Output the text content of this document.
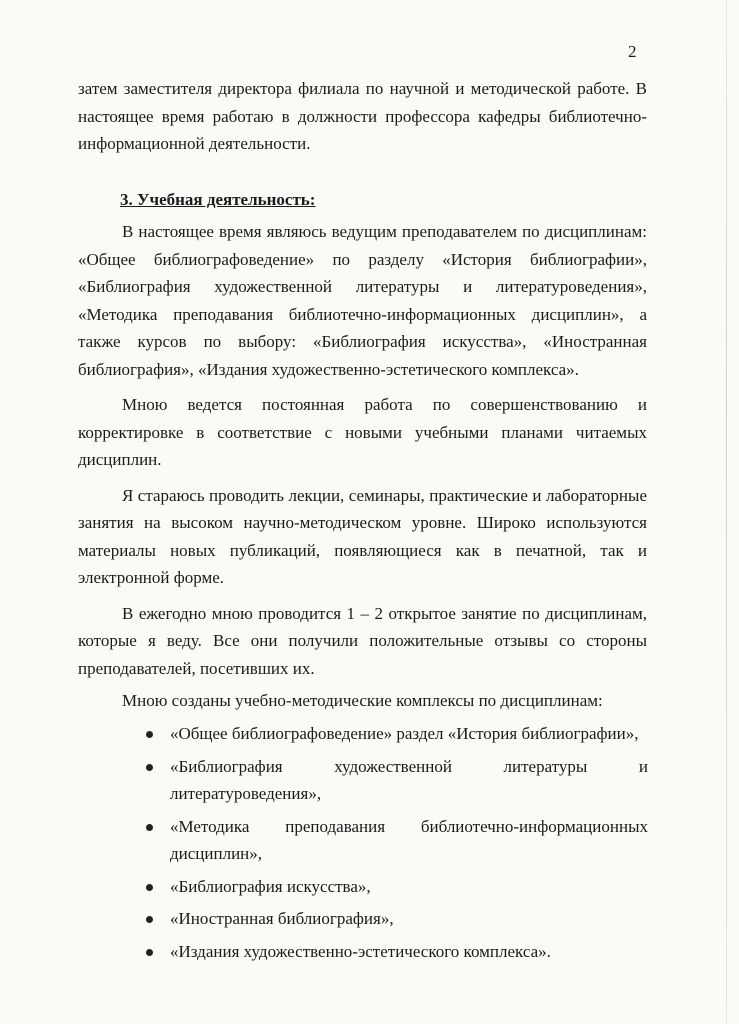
2
затем заместителя директора филиала по научной и методической работе. В настоящее время работаю в должности профессора кафедры библиотечно-информационной деятельности.
3. Учебная деятельность:

В настоящее время являюсь ведущим преподавателем по дисциплинам: «Общее библиографоведение» по разделу «История библиографии», «Библиография художественной литературы и литературоведения», «Методика преподавания библиотечно-информационных дисциплин», а также курсов по выбору: «Библиография искусства», «Иностранная библиография», «Издания художественно-эстетического комплекса».

Мною ведется постоянная работа по совершенствованию и корректировке в соответствие с новыми учебными планами читаемых дисциплин.

Я стараюсь проводить лекции, семинары, практические и лабораторные занятия на высоком научно-методическом уровне. Широко используются материалы новых публикаций, появляющиеся как в печатной, так и электронной форме.

В ежегодно мною проводится 1 – 2 открытое занятие по дисциплинам, которые я веду. Все они получили положительные отзывы со стороны преподавателей, посетивших их.

Мною созданы учебно-методические комплексы по дисциплинам:
«Общее библиографоведение» раздел «История библиографии»,
«Библиография художественной литературы и литературоведения»,
«Методика преподавания библиотечно-информационных дисциплин»,
«Библиография искусства»,
«Иностранная библиография»,
«Издания художественно-эстетического комплекса».
